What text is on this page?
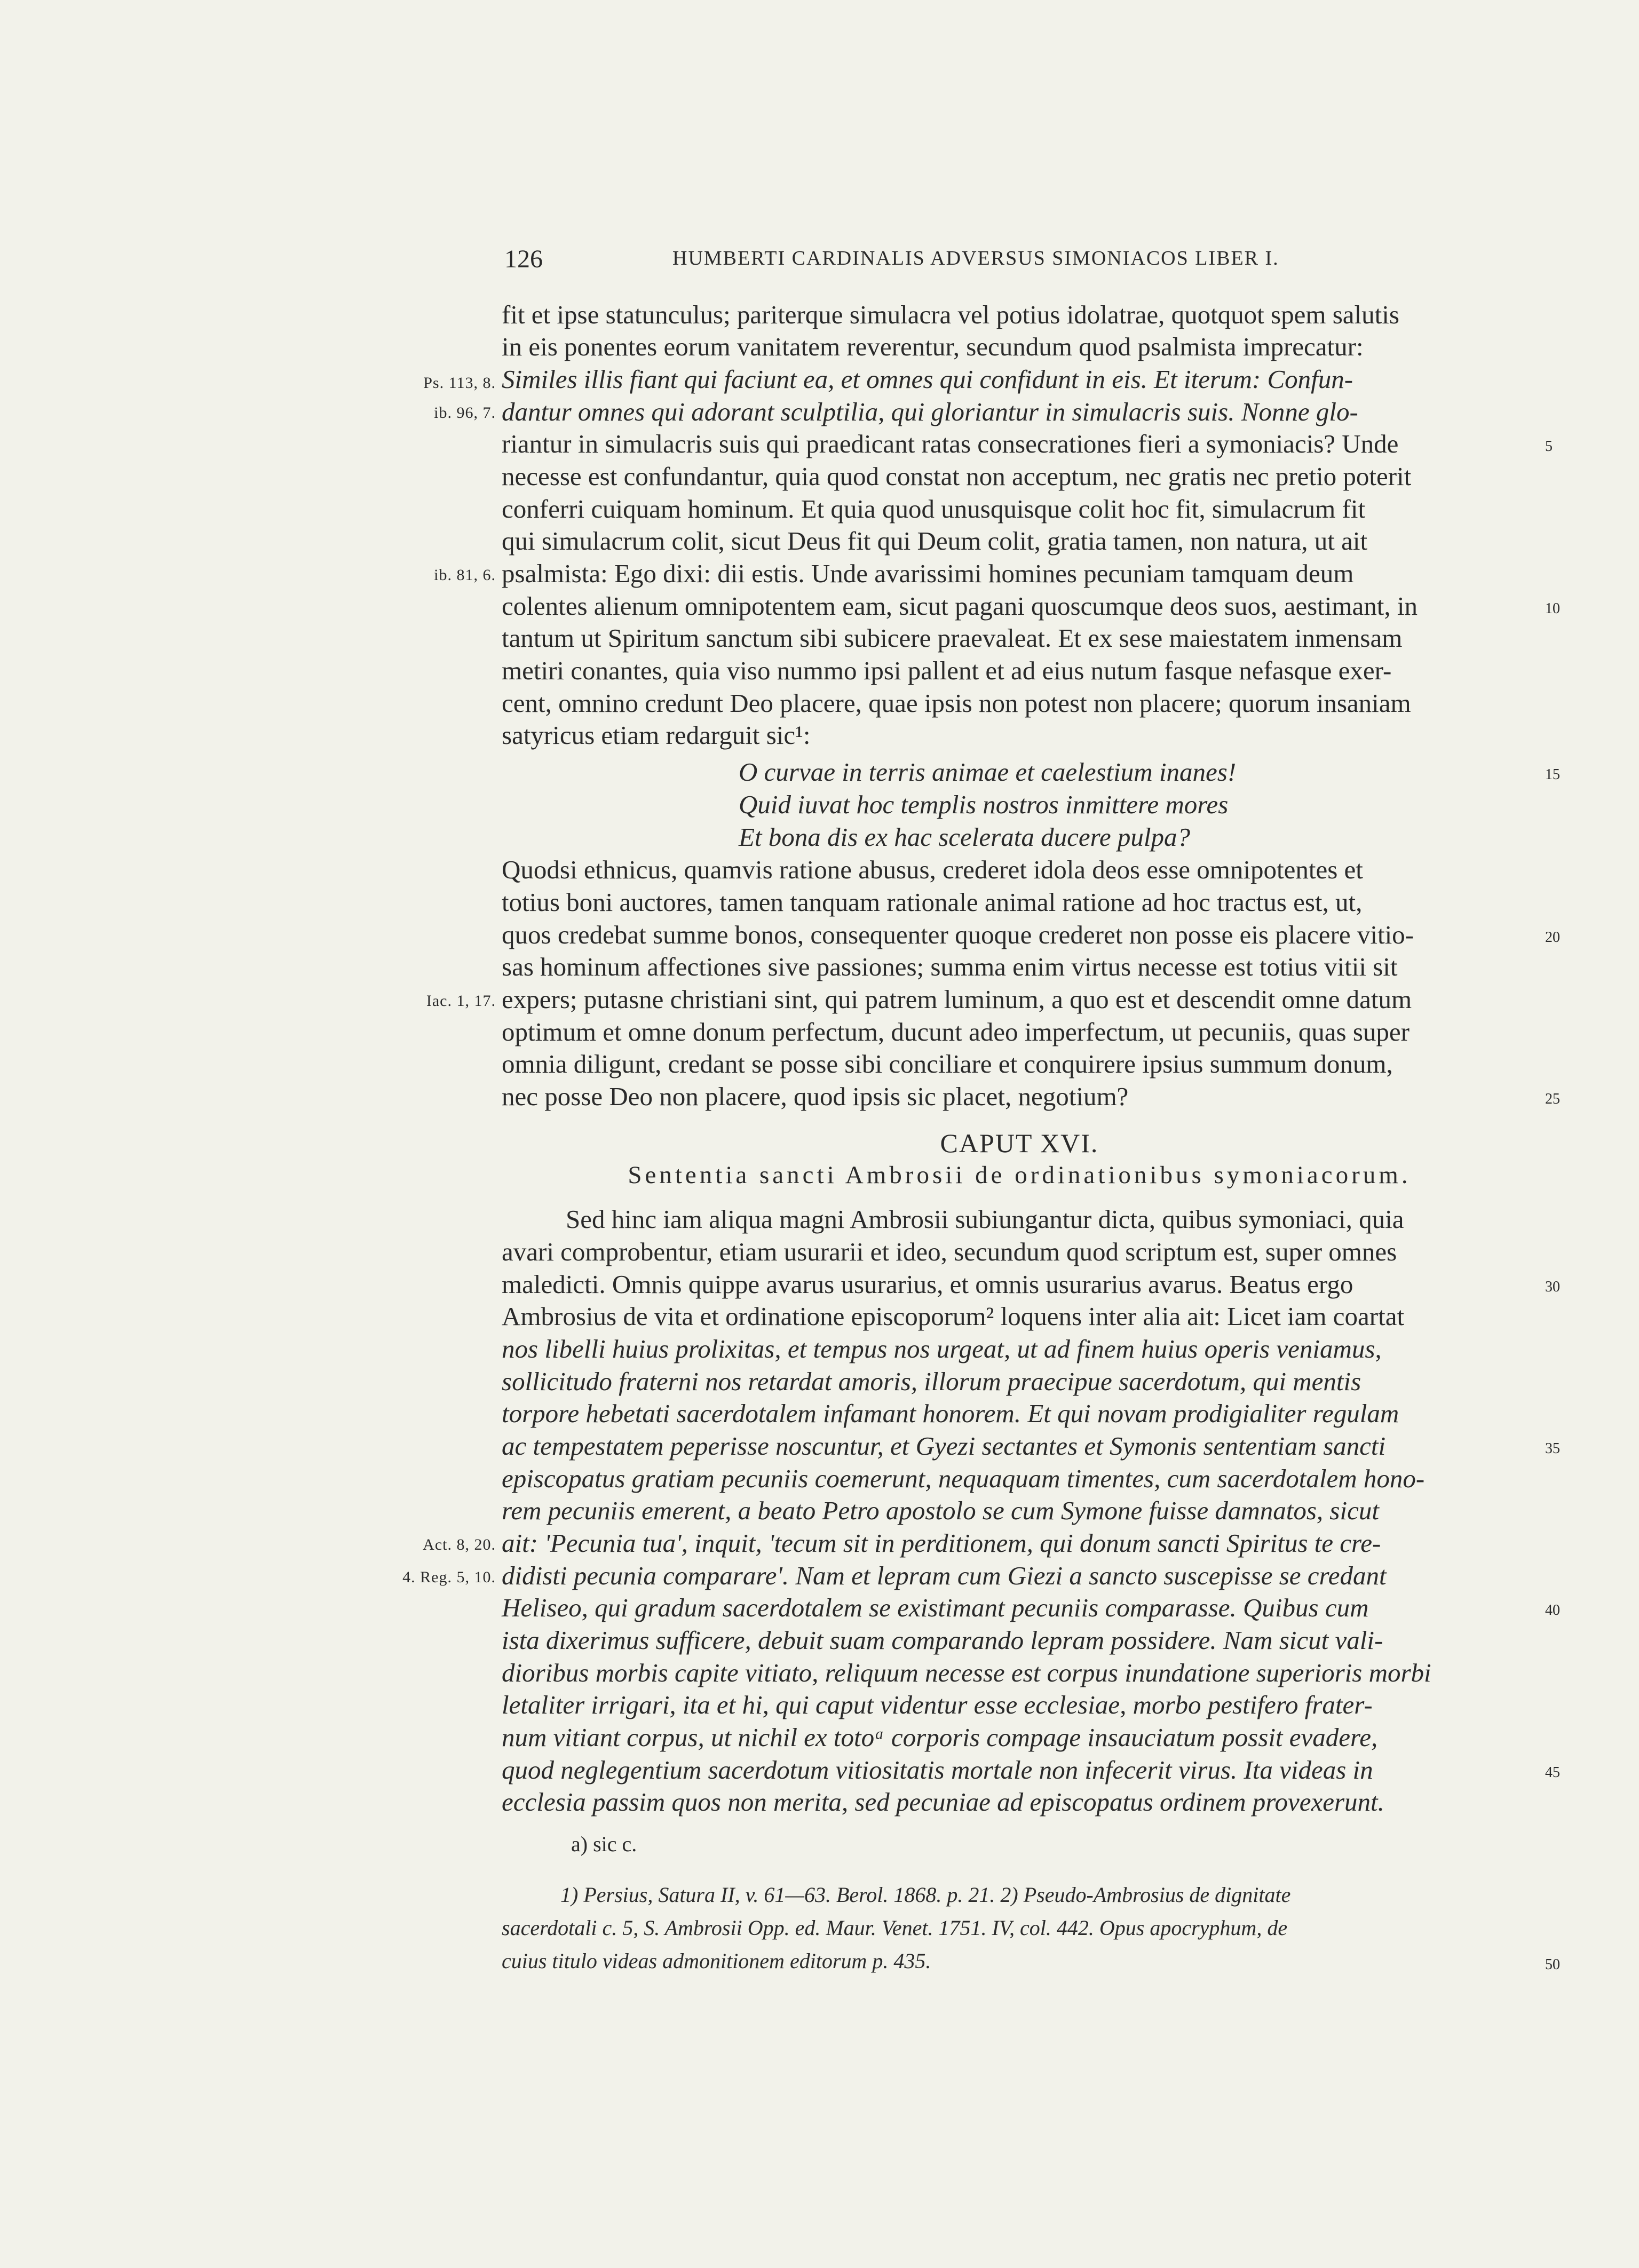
126	HUMBERTI CARDINALIS ADVERSUS SIMONIACOS LIBER I.
fit et ipse statunculus; pariterque simulacra vel potius idolatrae, quotquot spem salutis
in eis ponentes eorum vanitatem reverentur, secundum quod psalmista imprecatur:
Similes illis fiant qui faciunt ea, et omnes qui confidunt in eis. Et iterum: Confun-
dantur omnes qui adorant sculptilia, qui gloriantur in simulacris suis. Nonne glo-
riantur in simulacris suis qui praedicant ratas consecrationes fieri a symoniacis? Unde
necesse est confundantur, quia quod constat non acceptum, nec gratis nec pretio poterit
conferri cuiquam hominum. Et quia quod unusquisque colit hoc fit, simulacrum fit
qui simulacrum colit, sicut Deus fit qui Deum colit, gratia tamen, non natura, ut ait
psalmista: Ego dixi: dii estis. Unde avarissimi homines pecuniam tamquam deum
colentes alienum omnipotentem eam, sicut pagani quoscumque deos suos, aestimant, in
tantum ut Spiritum sanctum sibi subicere praevaleat. Et ex sese maiestatem inmensam
metiri conantes, quia viso nummo ipsi pallent et ad eius nutum fasque nefasque exer-
cent, omnino credunt Deo placere, quae ipsis non potest non placere; quorum insaniam
satyricus etiam redarguit sic¹:
O curvae in terris animae et caelestium inanes!
Quid iuvat hoc templis nostros inmittere mores
Et bona dis ex hac scelerata ducere pulpa?
Quodsi ethnicus, quamvis ratione abusus, crederet idola deos esse omnipotentes et
totius boni auctores, tamen tanquam rationale animal ratione ad hoc tractus est, ut,
quos credebat summe bonos, consequenter quoque crederet non posse eis placere vitio-
sas hominum affectiones sive passiones; summa enim virtus necesse est totius vitii sit
expers; putasne christiani sint, qui patrem luminum, a quo est et descendit omne datum
optimum et omne donum perfectum, ducunt adeo imperfectum, ut pecuniis, quas super
omnia diligunt, credant se posse sibi conciliare et conquirere ipsius summum donum,
nec posse Deo non placere, quod ipsis sic placet, negotium?
CAPUT XVI.
Sententia sancti Ambrosii de ordinationibus symoniacorum.
Sed hinc iam aliqua magni Ambrosii subiungantur dicta, quibus symoniaci, quia
avari comprobentur, etiam usurarii et ideo, secundum quod scriptum est, super omnes
maledicti. Omnis quippe avarus usurarius, et omnis usurarius avarus. Beatus ergo
Ambrosius de vita et ordinatione episcoporum² loquens inter alia ait: Licet iam coartat
nos libelli huius prolixitas, et tempus nos urgeat, ut ad finem huius operis veniamus,
sollicitudo fraterni nos retardat amoris, illorum praecipue sacerdotum, qui mentis
torpore hebetati sacerdotalem infamant honorem. Et qui novam prodigialiter regulam
ac tempestatem peperisse noscuntur, et Gyezi sectantes et Symonis sententiam sancti
episcopatus gratiam pecuniis coemerunt, nequaquam timentes, cum sacerdotalem hono-
rem pecuniis emerent, a beato Petro apostolo se cum Symone fuisse damnatos, sicut
ait: 'Pecunia tua', inquit, 'tecum sit in perditionem, qui donum sancti Spiritus te cre-
didisti pecunia comparare'. Nam et lepram cum Giezi a sancto suscepisse se credant
Heliseo, qui gradum sacerdotalem se existimant pecuniis comparasse. Quibus cum
ista dixerimus sufficere, debuit suam comparando lepram possidere. Nam sicut vali-
dioribus morbis capite vitiato, reliquum necesse est corpus inundatione superioris morbi
letaliter irrigari, ita et hi, qui caput videntur esse ecclesiae, morbo pestifero frater-
num vitiant corpus, ut nichil ex totoᵃ corporis compage insauciatum possit evadere,
quod neglegentium sacerdotum vitiositatis mortale non infecerit virus. Ita videas in
ecclesia passim quos non merita, sed pecuniae ad episcopatus ordinem provexerunt.
Ps. 113, 8.
ib. 96, 7.
ib. 81, 6.
Iac. 1, 17.
Act. 8, 20.
4. Reg. 5, 10.
5
10
15
20
25
30
35
40
45
50
a) sic c.
1) Persius, Satura II, v. 61—63. Berol. 1868. p. 21. 2) Pseudo-Ambrosius de dignitate
sacerdotali c. 5, S. Ambrosii Opp. ed. Maur. Venet. 1751. IV, col. 442. Opus apocryphum, de
cuius titulo videas admonitionem editorum p. 435.
